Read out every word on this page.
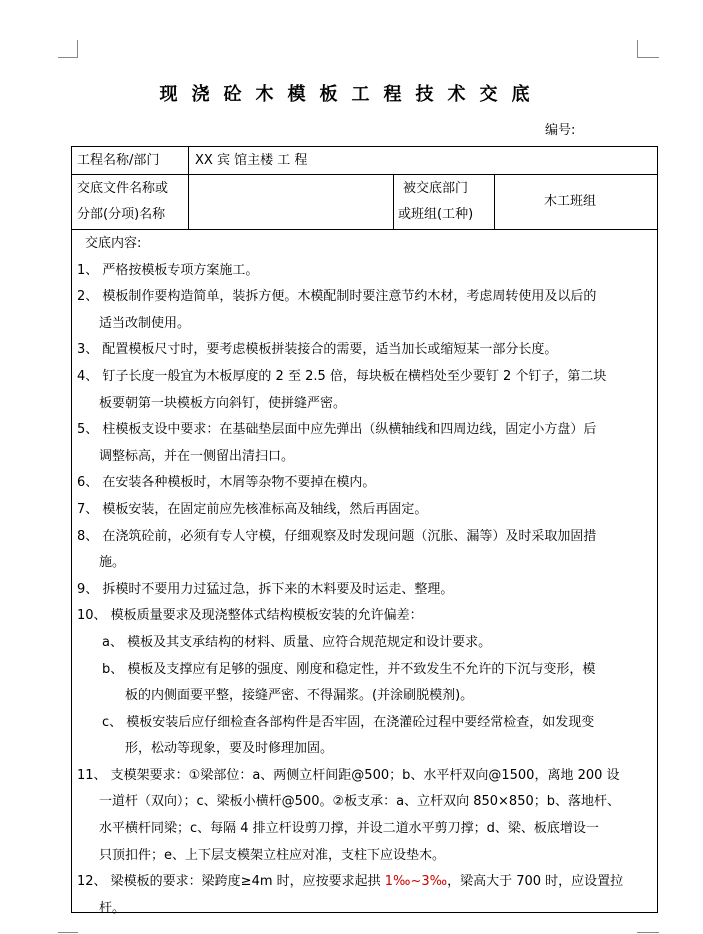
现浇砼木模板工程技术交底
编号:
工程名称/部门	XX 宾 馆主楼 工 程
交底文件名称或
分部(分项)名称
被交底部门
或班组(工种)
木工班组
交底内容:
1、 严格按模板专项方案施工。
2、 模板制作要构造简单，装拆方便。木模配制时要注意节约木材，考虑周转使用及以后的
适当改制使用。
3、 配置模板尺寸时，要考虑模板拼装接合的需要，适当加长或缩短某一部分长度。
4、 钉子长度一般宜为木板厚度的 2 至 2.5 倍，每块板在横档处至少要钉 2 个钉子，第二块
板要朝第一块模板方向斜钉，使拼缝严密。
5、 柱模板支设中要求：在基础垫层面中应先弹出（纵横轴线和四周边线，固定小方盘）后
调整标高，并在一侧留出清扫口。
6、 在安装各种模板时，木屑等杂物不要掉在模内。
7、 模板安装，在固定前应先核准标高及轴线，然后再固定。
8、 在浇筑砼前，必须有专人守模，仔细观察及时发现问题（沉胀、漏等）及时采取加固措
施。
9、 拆模时不要用力过猛过急，拆下来的木料要及时运走、整理。
10、 模板质量要求及现浇整体式结构模板安装的允许偏差：
a、 模板及其支承结构的材料、质量、应符合规范规定和设计要求。
b、 模板及支撑应有足够的强度、刚度和稳定性，并不致发生不允许的下沉与变形，模
板的内侧面要平整，接缝严密、不得漏浆。(并涂刷脱模剂)。
c、 模板安装后应仔细检查各部构件是否牢固，在浇灌砼过程中要经常检查，如发现变
形，松动等现象，要及时修理加固。
11、 支模架要求：①梁部位：a、两侧立杆间距@500；b、水平杆双向@1500，离地 200 设
一道杆（双向）；c、梁板小横杆@500。②板支承：a、立杆双向 850×850；b、落地杆、
水平横杆同梁；c、每隔 4 排立杆设剪刀撑，并设二道水平剪刀撑；d、梁、板底增设一
只顶扣件；e、上下层支模架立柱应对准，支柱下应设垫木。
12、 梁模板的要求：梁跨度≥4m 时，应按要求起拱 1‰~3‰，梁高大于 700 时，应设置拉
杆。
